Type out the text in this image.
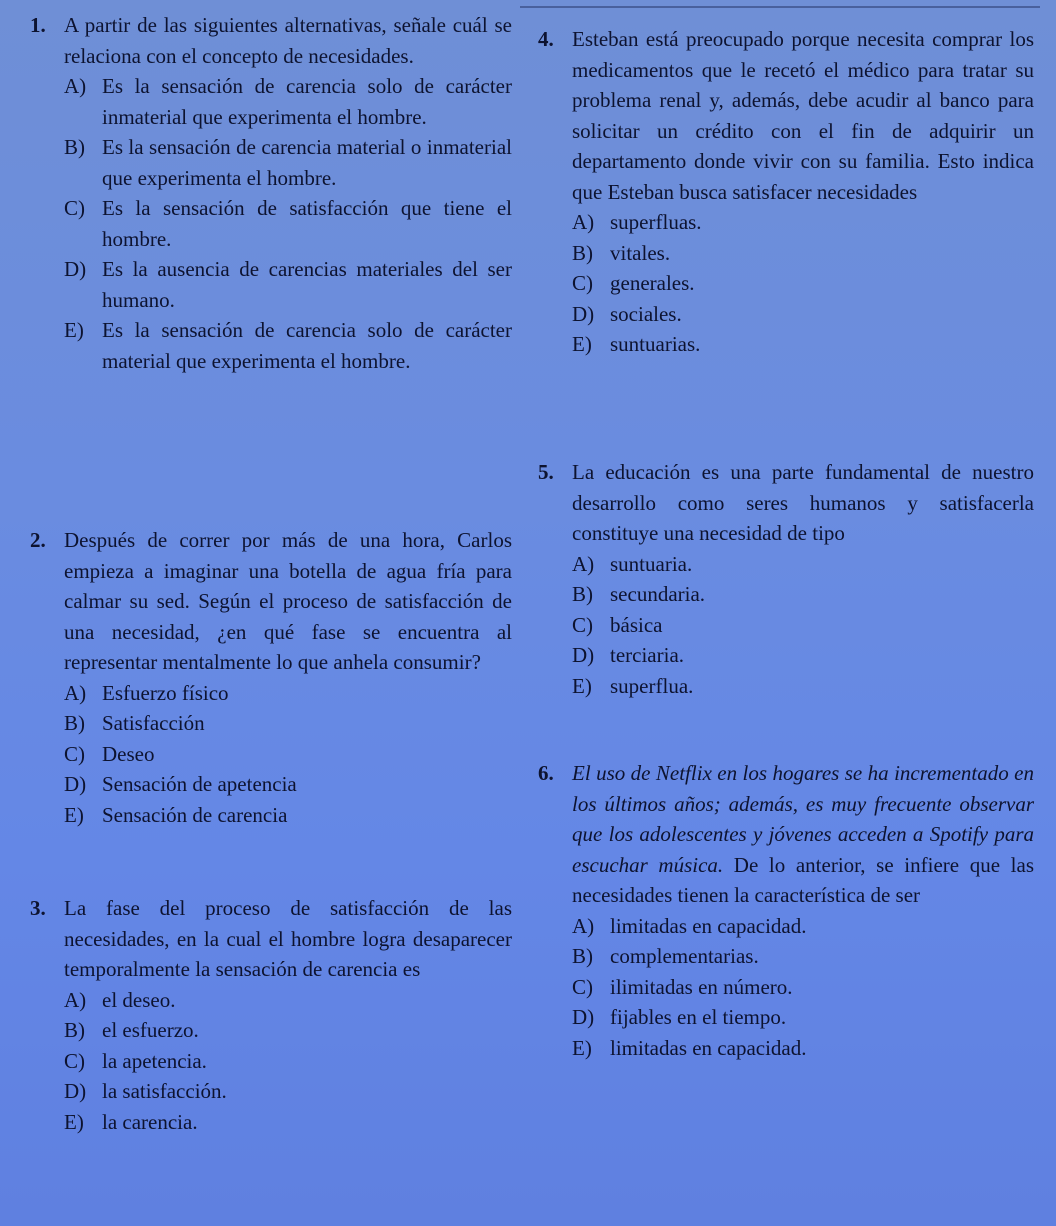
1. A partir de las siguientes alternativas, señale cuál se relaciona con el concepto de necesidades.
A) Es la sensación de carencia solo de carácter inmaterial que experimenta el hombre.
B) Es la sensación de carencia material o inmaterial que experimenta el hombre.
C) Es la sensación de satisfacción que tiene el hombre.
D) Es la ausencia de carencias materiales del ser humano.
E) Es la sensación de carencia solo de carácter material que experimenta el hombre.
2. Después de correr por más de una hora, Carlos empieza a imaginar una botella de agua fría para calmar su sed. Según el proceso de satisfacción de una necesidad, ¿en qué fase se encuentra al representar mentalmente lo que anhela consumir?
A) Esfuerzo físico
B) Satisfacción
C) Deseo
D) Sensación de apetencia
E) Sensación de carencia
3. La fase del proceso de satisfacción de las necesidades, en la cual el hombre logra desaparecer temporalmente la sensación de carencia es
A) el deseo.
B) el esfuerzo.
C) la apetencia.
D) la satisfacción.
E) la carencia.
4. Esteban está preocupado porque necesita comprar los medicamentos que le recetó el médico para tratar su problema renal y, además, debe acudir al banco para solicitar un crédito con el fin de adquirir un departamento donde vivir con su familia. Esto indica que Esteban busca satisfacer necesidades
A) superfluas.
B) vitales.
C) generales.
D) sociales.
E) suntuarias.
5. La educación es una parte fundamental de nuestro desarrollo como seres humanos y satisfacerla constituye una necesidad de tipo
A) suntuaria.
B) secundaria.
C) básica
D) terciaria.
E) superflua.
6. El uso de Netflix en los hogares se ha incrementado en los últimos años; además, es muy frecuente observar que los adolescentes y jóvenes acceden a Spotify para escuchar música. De lo anterior, se infiere que las necesidades tienen la característica de ser
A) limitadas en capacidad.
B) complementarias.
C) ilimitadas en número.
D) fijables en el tiempo.
E) limitadas en capacidad.
